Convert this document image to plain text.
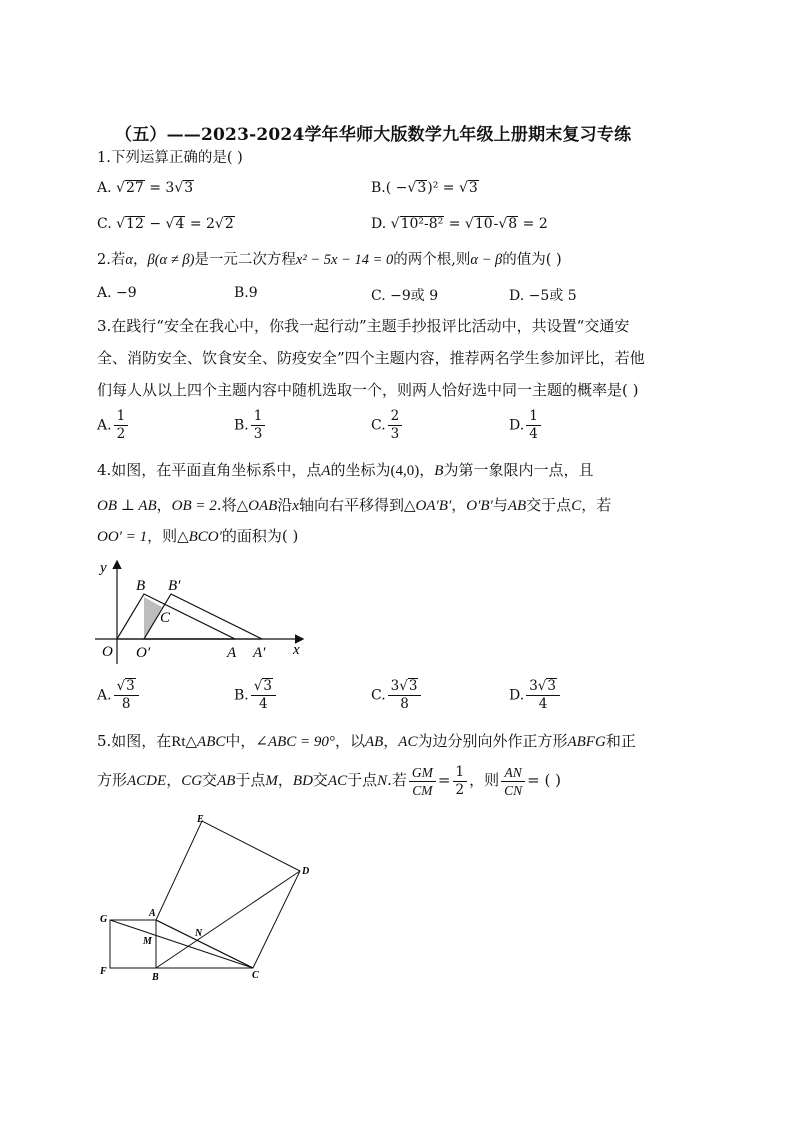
（五）——2023-2024学年华师大版数学九年级上册期末复习专练
1.下列运算正确的是( )
A. √27 = 3√3	B.( −√3)² = √3
C. √12 − √4 = 2√2	D. √10²-8² = √10-√8 = 2
2.若α，β(α ≠ β)是一元二次方程x² − 5x − 14 = 0的两个根,则α − β的值为( )
A. −9	B.9	C. −9或 9	D. −5或 5
3.在践行“安全在我心中，你我一起行动”主题手抄报评比活动中，共设置“交通安
全、消防安全、饮食安全、防疫安全”四个主题内容，推荐两名学生参加评比，若他
们每人从以上四个主题内容中随机选取一个，则两人恰好选中同一主题的概率是( )
A. $\frac{1}{2}$	B. $\frac{1}{3}$	C. $\frac{2}{3}$	D. $\frac{1}{4}$
4.如图，在平面直角坐标系中，点A的坐标为(4,0)，B为第一象限内一点，且
OB ⊥ AB，OB = 2.将△OAB沿x轴向右平移得到△OA′B′，O′B′与AB交于点C，若
OO′ = 1，则△BCO′的面积为( )
y
x
O O′	A A′
B B′
C
A. $\frac{√3}{8}$	B. $\frac{√3}{4}$	C. $\frac{3√3}{8}$	D. $\frac{3√3}{4}$
5.如图，在Rt△ABC中，∠ABC = 90°，以AB，AC为边分别向外作正方形ABFG和正
方形ACDE，CG交AB于点M，BD交AC于点N.若 $\frac{GM}{CM} = \frac{1}{2}$ ，则 $\frac{AN}{CN}$ = ( )
E
D
G
A
M
N
F
B	C
